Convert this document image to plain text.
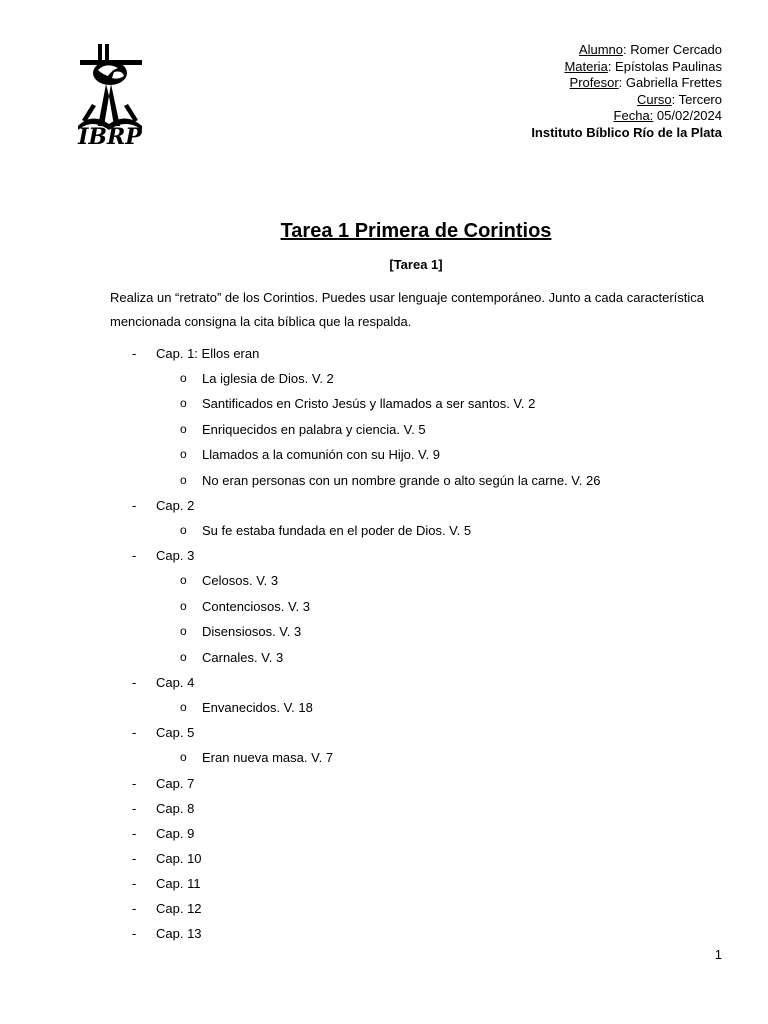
IBRP
Alumno: Romer Cercado
Materia: Epístolas Paulinas
Profesor: Gabriella Frettes
Curso: Tercero
Fecha: 05/02/2024
Instituto Bíblico Río de la Plata
Tarea 1 Primera de Corintios
[Tarea 1]
Realiza un “retrato” de los Corintios. Puedes usar lenguaje contemporáneo. Junto a cada característica mencionada consigna la cita bíblica que la respalda.
- Cap. 1: Ellos eran
o La iglesia de Dios. V. 2
o Santificados en Cristo Jesús y llamados a ser santos. V. 2
o Enriquecidos en palabra y ciencia. V. 5
o Llamados a la comunión con su Hijo. V. 9
o No eran personas con un nombre grande o alto según la carne. V. 26
- Cap. 2
o Su fe estaba fundada en el poder de Dios. V. 5
- Cap. 3
o Celosos. V. 3
o Contenciosos. V. 3
o Disensiosos. V. 3
o Carnales. V. 3
- Cap. 4
o Envanecidos. V. 18
- Cap. 5
o Eran nueva masa. V. 7
- Cap. 7
- Cap. 8
- Cap. 9
- Cap. 10
- Cap. 11
- Cap. 12
- Cap. 13
1
